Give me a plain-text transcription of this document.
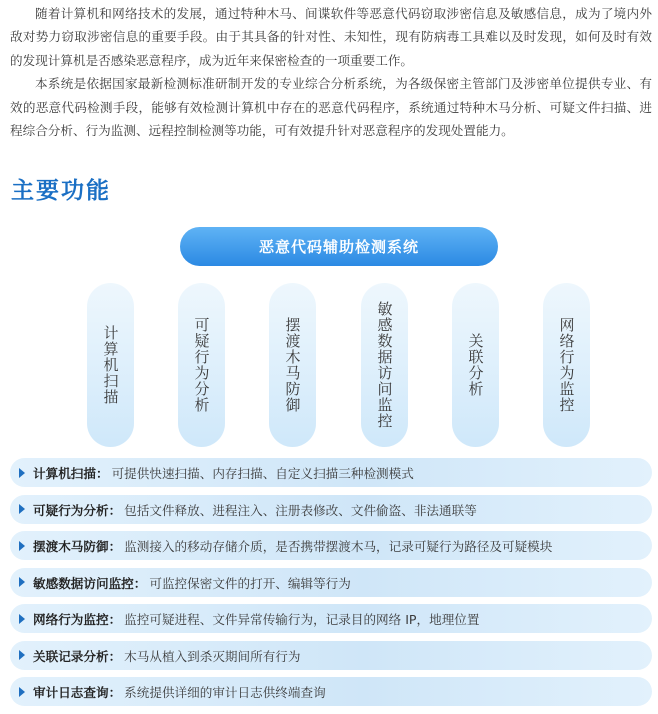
随着计算机和网络技术的发展，通过特种木马、间谍软件等恶意代码窃取涉密信息及敏感信息，成为了境内外敌对势力窃取涉密信息的重要手段。由于其具备的针对性、未知性，现有防病毒工具难以及时发现，如何及时有效的发现计算机是否感染恶意程序，成为近年来保密检查的一项重要工作。

本系统是依据国家最新检测标准研制开发的专业综合分析系统，为各级保密主管部门及涉密单位提供专业、有效的恶意代码检测手段，能够有效检测计算机中存在的恶意代码程序，系统通过特种木马分析、可疑文件扫描、进程综合分析、行为监测、远程控制检测等功能，可有效提升针对恶意程序的发现处置能力。

主要功能
恶意代码辅助检测系统
计算机扫描	可疑行为分析	摆渡木马防御	敏感数据访问监控	关联分析	网络行为监控
计算机扫描 ： 可提供快速扫描、内存扫描、自定义扫描三种检测模式
可疑行为分析 ： 包括文件释放、进程注入、注册表修改、文件偷盗、非法通联等
摆渡木马防御 ： 监测接入的移动存储介质，是否携带摆渡木马，记录可疑行为路径及可疑模块
敏感数据访问监控 ： 可监控保密文件的打开、编辑等行为
网络行为监控 ： 监控可疑进程、文件异常传输行为，记录目的网络 IP，地理位置
关联记录分析 ： 木马从植入到杀灭期间所有行为
审计日志查询 ： 系统提供详细的审计日志供终端查询
